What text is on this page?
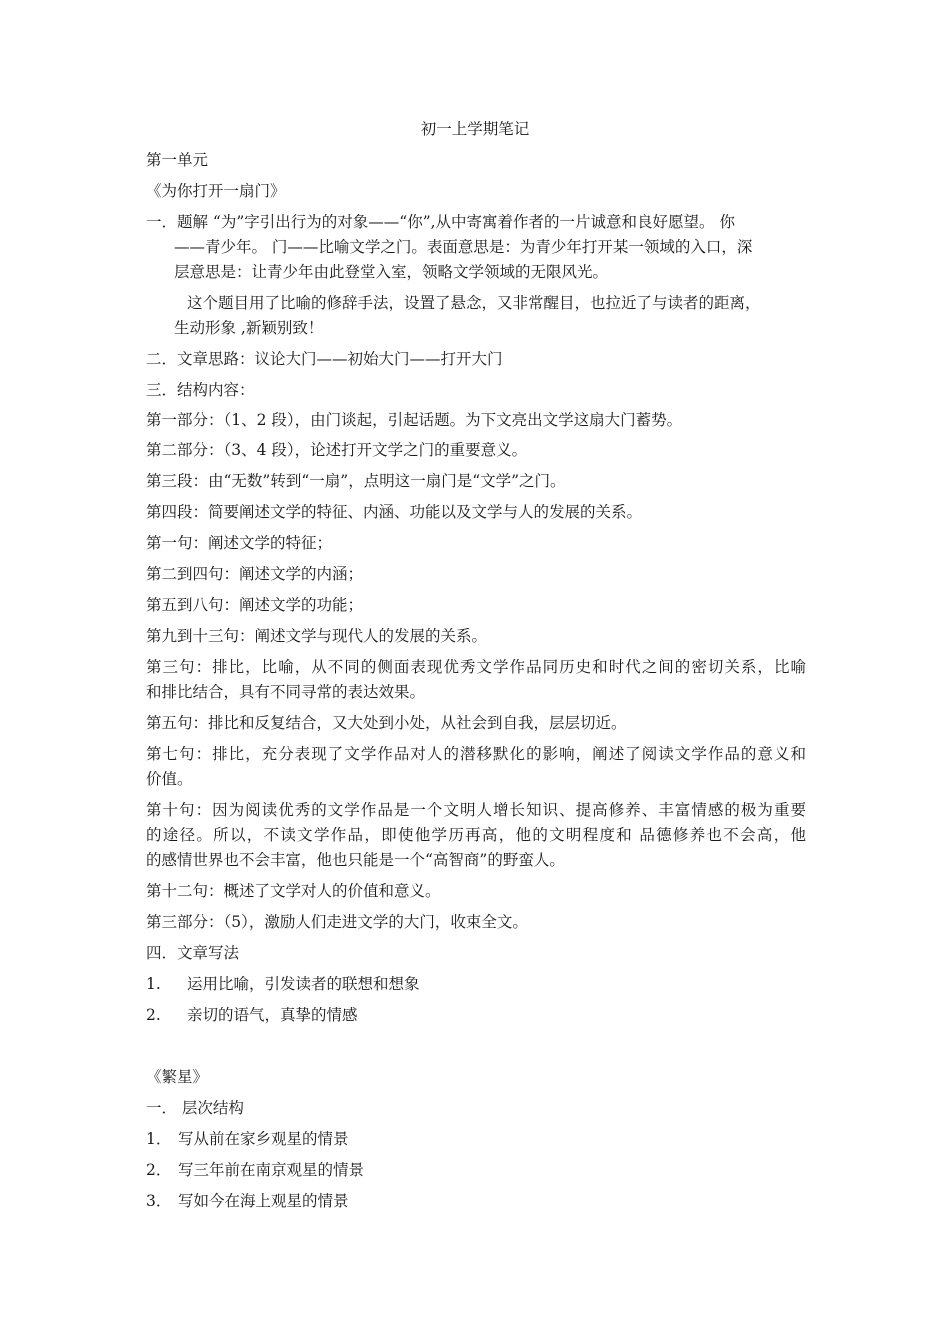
初一上学期笔记
第一单元
《为你打开一扇门》
一．题解 “为”字引出行为的对象——“你”,从中寄寓着作者的一片诚意和良好愿望。 你
——青少年。 门——比喻文学之门。表面意思是：为青少年打开某一领域的入口，深
层意思是：让青少年由此登堂入室，领略文学领域的无限风光。
这个题目用了比喻的修辞手法，设置了悬念，又非常醒目，也拉近了与读者的距离，
生动形象 ,新颖别致！
二．文章思路：议论大门——初始大门——打开大门
三．结构内容：
第一部分：（1、2 段），由门谈起，引起话题。为下文亮出文学这扇大门蓄势。
第二部分：（3、4 段），论述打开文学之门的重要意义。
第三段：由“无数”转到“一扇”，点明这一扇门是“文学”之门。
第四段：简要阐述文学的特征、内涵、功能以及文学与人的发展的关系。
第一句：阐述文学的特征；
第二到四句：阐述文学的内涵；
第五到八句：阐述文学的功能；
第九到十三句：阐述文学与现代人的发展的关系。
第三句：排比，比喻，从不同的侧面表现优秀文学作品同历史和时代之间的密切关系，比喻
和排比结合，具有不同寻常的表达效果。
第五句：排比和反复结合，又大处到小处，从社会到自我，层层切近。
第七句：排比，充分表现了文学作品对人的潜移默化的影响，阐述了阅读文学作品的意义和
价值。
第十句：因为阅读优秀的文学作品是一个文明人增长知识、提高修养、丰富情感的极为重要
的途径。所以，不读文学作品，即使他学历再高，他的文明程度和 品德修养也不会高，他
的感情世界也不会丰富，他也只能是一个“高智商”的野蛮人。
第十二句：概述了文学对人的价值和意义。
第三部分：（5），激励人们走进文学的大门，收束全文。
四．文章写法
1. 运用比喻，引发读者的联想和想象
2. 亲切的语气，真挚的情感
《繁星》
一． 层次结构
1． 写从前在家乡观星的情景
2． 写三年前在南京观星的情景
3． 写如今在海上观星的情景
